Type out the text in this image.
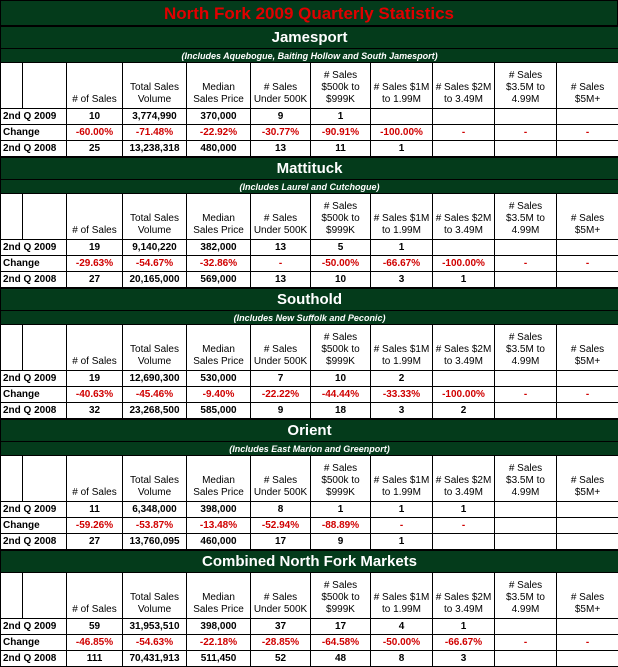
North Fork 2009 Quarterly Statistics
Jamesport										
(Includes Aquebogue, Baiting Hollow and South Jamesport)										
		# of Sales	Total Sales Volume	Median Sales Price	# Sales Under 500K	# Sales $500k to $999K	# Sales $1M to 1.99M	# Sales $2M to 3.49M	# Sales $3.5M to 4.99M	# Sales $5M+
2nd Q 2009		10	3,774,990	370,000	9	1				
Change		-60.00%	-71.48%	-22.92%	-30.77%	-90.91%	-100.00%	-	-	-
2nd Q 2008		25	13,238,318	480,000	13	11	1			
Mattituck										
(Includes Laurel and Cutchogue)										
		# of Sales	Total Sales Volume	Median Sales Price	# Sales Under 500K	# Sales $500k to $999K	# Sales $1M to 1.99M	# Sales $2M to 3.49M	# Sales $3.5M to 4.99M	# Sales $5M+
2nd Q 2009		19	9,140,220	382,000	13	5	1			
Change		-29.63%	-54.67%	-32.86%	-	-50.00%	-66.67%	-100.00%	-	-
2nd Q 2008		27	20,165,000	569,000	13	10	3	1		
Southold										
(Includes New Suffolk and Peconic)										
		# of Sales	Total Sales Volume	Median Sales Price	# Sales Under 500K	# Sales $500k to $999K	# Sales $1M to 1.99M	# Sales $2M to 3.49M	# Sales $3.5M to 4.99M	# Sales $5M+
2nd Q 2009		19	12,690,300	530,000	7	10	2			
Change		-40.63%	-45.46%	-9.40%	-22.22%	-44.44%	-33.33%	-100.00%	-	-
2nd Q 2008		32	23,268,500	585,000	9	18	3	2		
Orient										
(Includes East Marion and Greenport)										
		# of Sales	Total Sales Volume	Median Sales Price	# Sales Under 500K	# Sales $500k to $999K	# Sales $1M to 1.99M	# Sales $2M to 3.49M	# Sales $3.5M to 4.99M	# Sales $5M+
2nd Q 2009		11	6,348,000	398,000	8	1	1	1		
Change		-59.26%	-53.87%	-13.48%	-52.94%	-88.89%	-	-		
2nd Q 2008		27	13,760,095	460,000	17	9	1			
Combined North Fork Markets										
		# of Sales	Total Sales Volume	Median Sales Price	# Sales Under 500K	# Sales $500k to $999K	# Sales $1M to 1.99M	# Sales $2M to 3.49M	# Sales $3.5M to 4.99M	# Sales $5M+
2nd Q 2009		59	31,953,510	398,000	37	17	4	1		
Change		-46.85%	-54.63%	-22.18%	-28.85%	-64.58%	-50.00%	-66.67%	-	-
2nd Q 2008		111	70,431,913	511,450	52	48	8	3		
